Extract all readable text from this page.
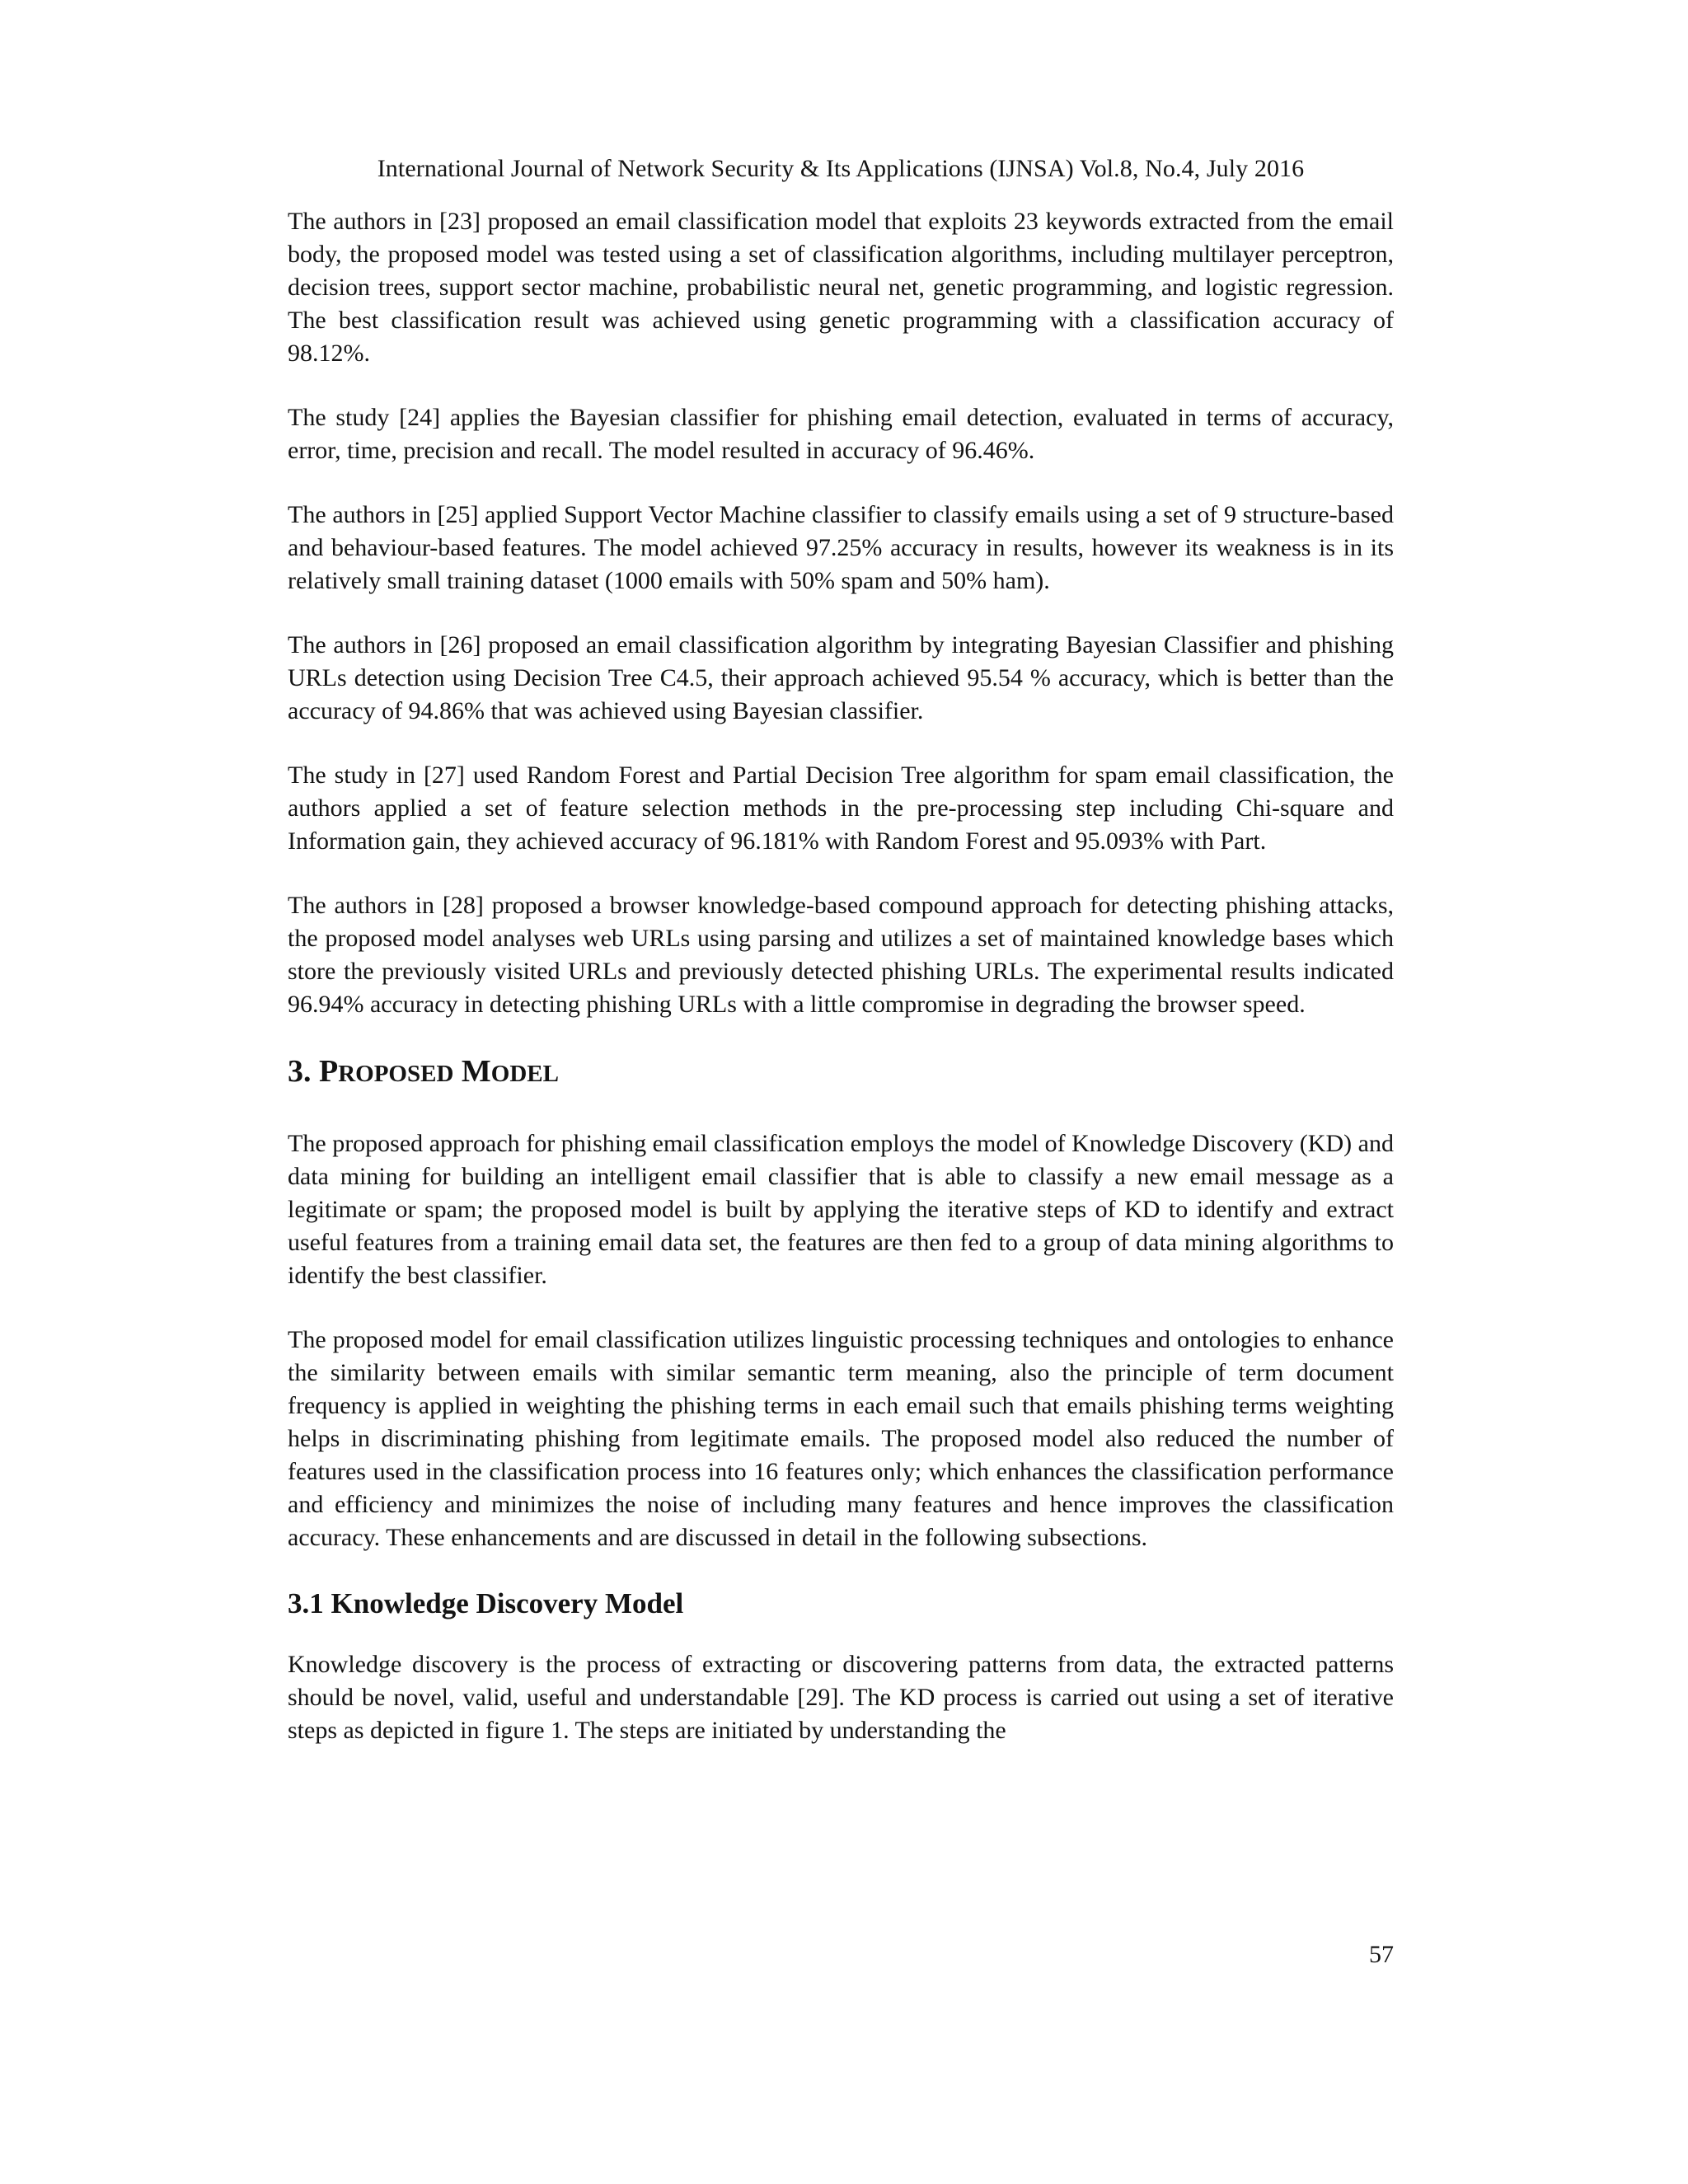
International Journal of Network Security & Its Applications (IJNSA) Vol.8, No.4, July 2016

The authors in [23] proposed an email classification model that exploits 23 keywords extracted from the email body, the proposed model was tested using a set of classification algorithms, including multilayer perceptron, decision trees, support sector machine, probabilistic neural net, genetic programming, and logistic regression. The best classification result was achieved using genetic programming with a classification accuracy of 98.12%.

The study [24] applies the Bayesian classifier for phishing email detection, evaluated in terms of accuracy, error, time, precision and recall. The model resulted in accuracy of 96.46%.

The authors in [25] applied Support Vector Machine classifier to classify emails using a set of 9 structure-based and behaviour-based features. The model achieved 97.25% accuracy in results, however its weakness is in its relatively small training dataset (1000 emails with 50% spam and 50% ham).

The authors in [26] proposed an email classification algorithm by integrating Bayesian Classifier and phishing URLs detection using Decision Tree C4.5, their approach achieved 95.54 % accuracy, which is better than the accuracy of 94.86% that was achieved using Bayesian classifier.

The study in [27] used Random Forest and Partial Decision Tree algorithm for spam email classification, the authors applied a set of feature selection methods in the pre-processing step including Chi-square and Information gain, they achieved accuracy of 96.181% with Random Forest and 95.093% with Part.

The authors in [28] proposed a browser knowledge-based compound approach for detecting phishing attacks, the proposed model analyses web URLs using parsing and utilizes a set of maintained knowledge bases which store the previously visited URLs and previously detected phishing URLs. The experimental results indicated 96.94% accuracy in detecting phishing URLs with a little compromise in degrading the browser speed.

3. PROPOSED MODEL

The proposed approach for phishing email classification employs the model of Knowledge Discovery (KD) and data mining for building an intelligent email classifier that is able to classify a new email message as a legitimate or spam; the proposed model is built by applying the iterative steps of KD to identify and extract useful features from a training email data set, the features are then fed to a group of data mining algorithms to identify the best classifier.

The proposed model for email classification utilizes linguistic processing techniques and ontologies to enhance the similarity between emails with similar semantic term meaning, also the principle of term document frequency is applied in weighting the phishing terms in each email such that emails phishing terms weighting helps in discriminating phishing from legitimate emails. The proposed model also reduced the number of features used in the classification process into 16 features only; which enhances the classification performance and efficiency and minimizes the noise of including many features and hence improves the classification accuracy. These enhancements and are discussed in detail in the following subsections.

3.1 Knowledge Discovery Model

Knowledge discovery is the process of extracting or discovering patterns from data, the extracted patterns should be novel, valid, useful and understandable [29]. The KD process is carried out using a set of iterative steps as depicted in figure 1. The steps are initiated by understanding the

57
